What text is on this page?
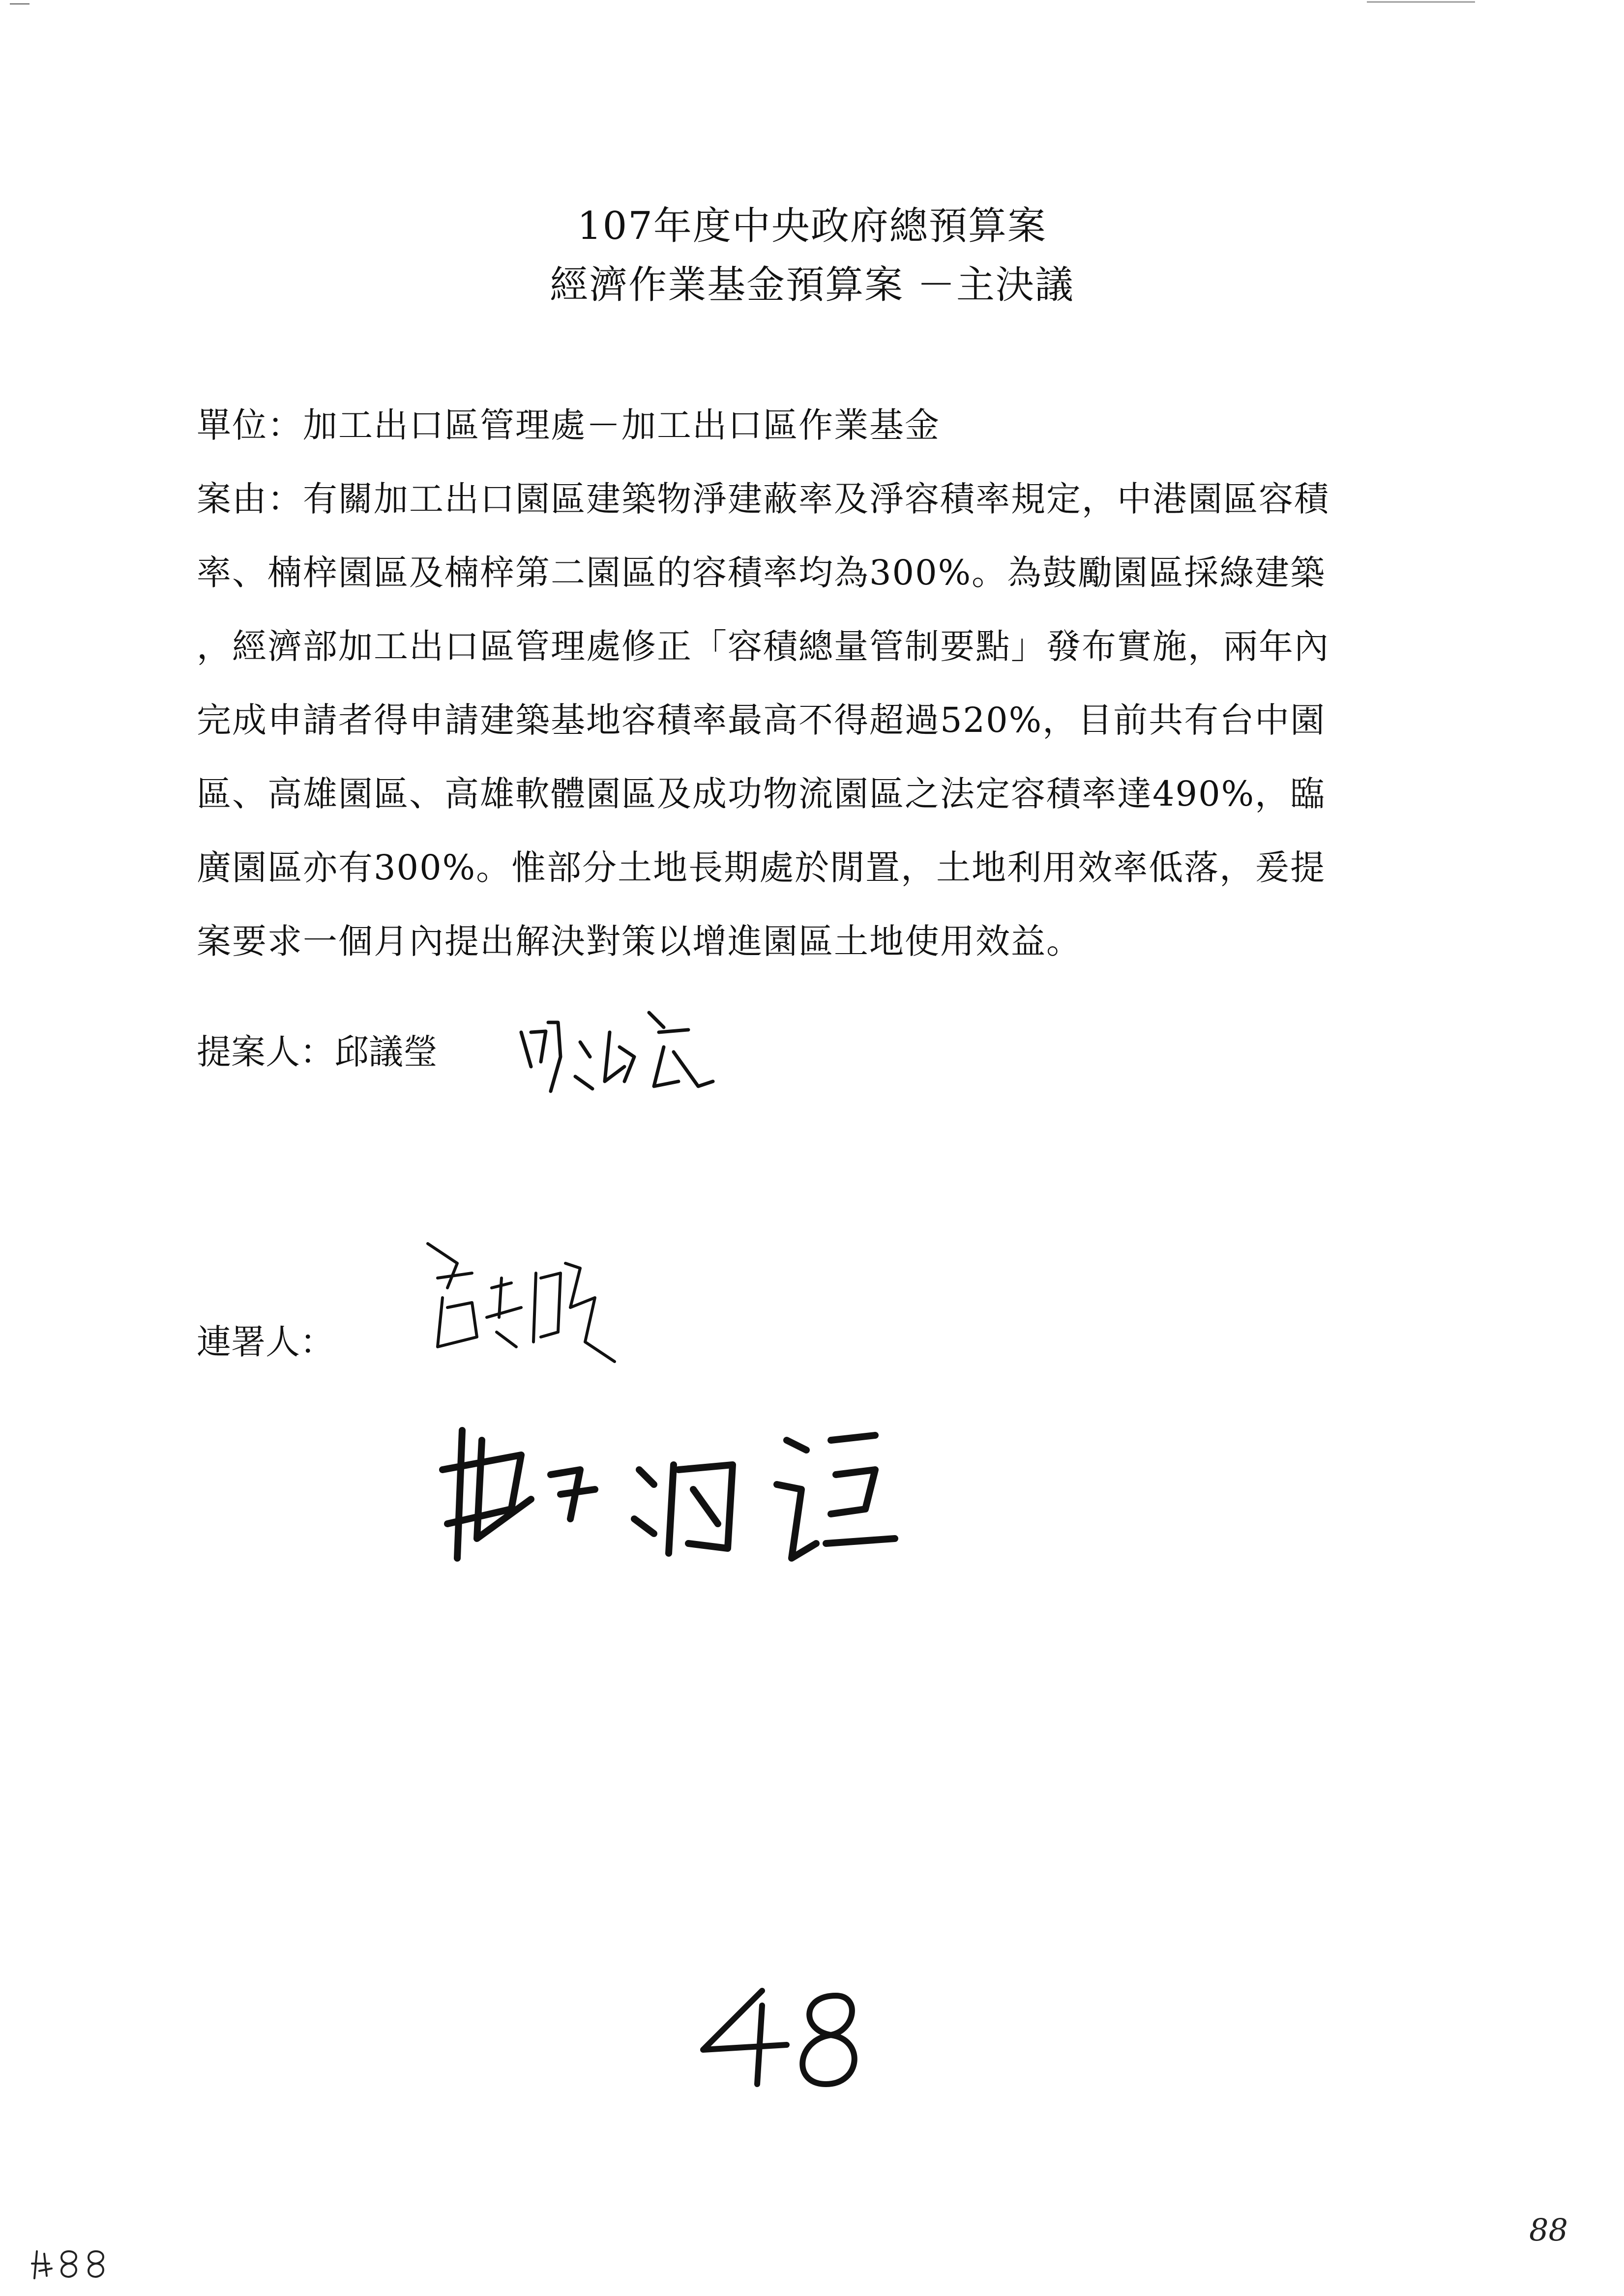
107年度中央政府總預算案
經濟作業基金預算案 －主決議
單位：加工出口區管理處－加工出口區作業基金
案由：有關加工出口園區建築物淨建蔽率及淨容積率規定，中港園區容積
率、楠梓園區及楠梓第二園區的容積率均為300%。為鼓勵園區採綠建築
，經濟部加工出口區管理處修正「容積總量管制要點」發布實施，兩年內
完成申請者得申請建築基地容積率最高不得超過520%，目前共有台中園
區、高雄園區、高雄軟體園區及成功物流園區之法定容積率達490%，臨
廣園區亦有300%。惟部分土地長期處於閒置，土地利用效率低落，爰提
案要求一個月內提出解決對策以增進園區土地使用效益。
提案人：邱議瑩
連署人：
48
88
